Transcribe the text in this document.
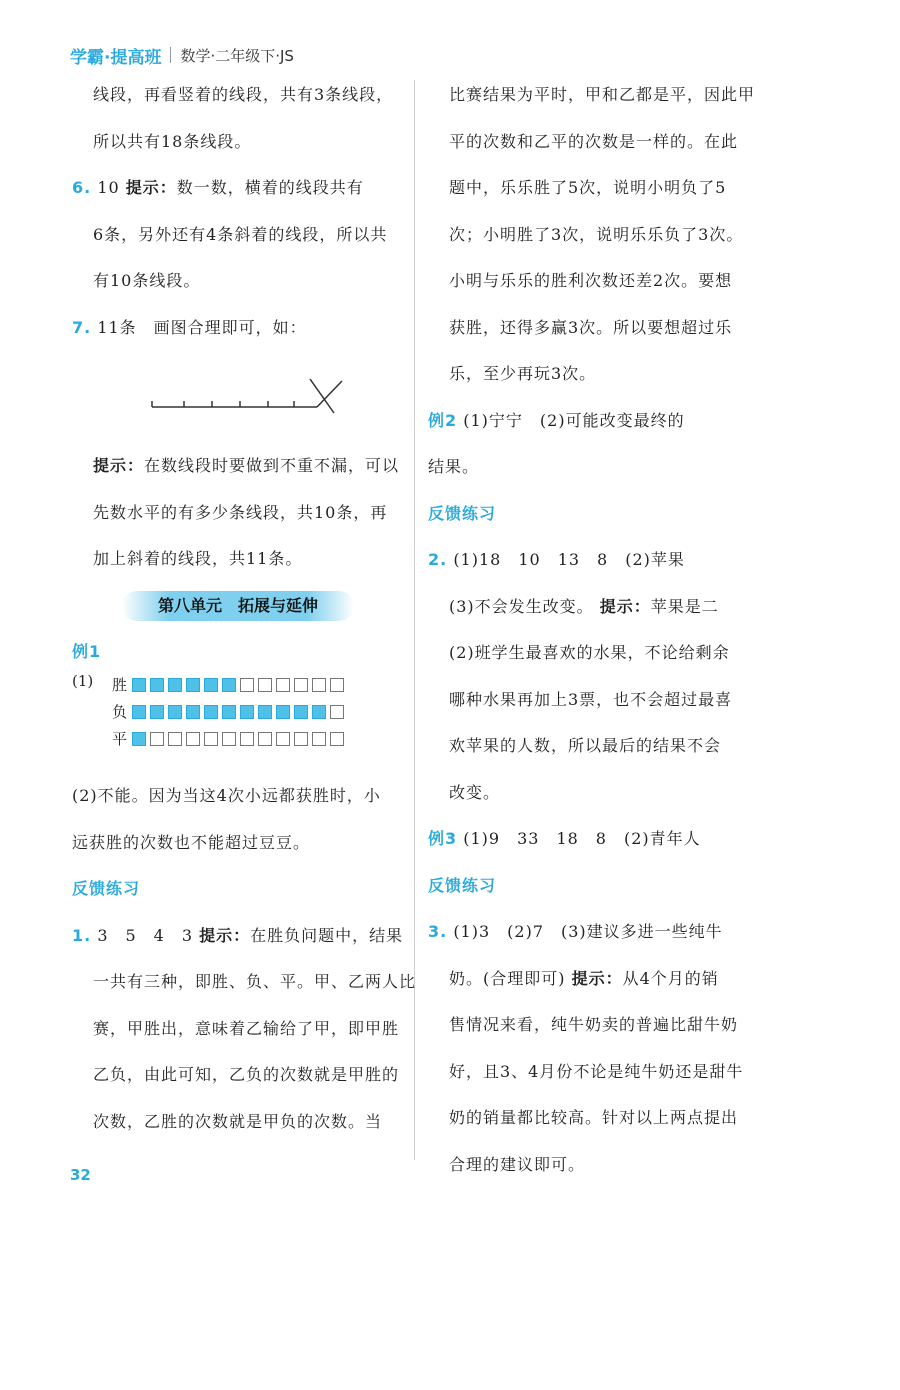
学霸·提高班 数学·二年级下·JS
线段，再看竖着的线段，共有3条线段，
所以共有18条线段。
6. 10 提示：数一数，横着的线段共有
6条，另外还有4条斜着的线段，所以共
有10条线段。
7. 11条　画图合理即可，如：
提示：在数线段时要做到不重不漏，可以
先数水平的有多少条线段，共10条，再
加上斜着的线段，共11条。
第八单元　拓展与延伸
例1
(1) 胜
负
平
(2)不能。因为当这4次小远都获胜时，小
远获胜的次数也不能超过豆豆。
反馈练习
1. 3　5　4　3 提示：在胜负问题中，结果
一共有三种，即胜、负、平。甲、乙两人比
赛，甲胜出，意味着乙输给了甲，即甲胜
乙负，由此可知，乙负的次数就是甲胜的
次数，乙胜的次数就是甲负的次数。当
比赛结果为平时，甲和乙都是平，因此甲
平的次数和乙平的次数是一样的。在此
题中，乐乐胜了5次，说明小明负了5
次；小明胜了3次，说明乐乐负了3次。
小明与乐乐的胜利次数还差2次。要想
获胜，还得多赢3次。所以要想超过乐
乐，至少再玩3次。
例2 (1)宁宁　(2)可能改变最终的
结果。
反馈练习
2. (1)18　10　13　8　(2)苹果
(3)不会发生改变。 提示：苹果是二
(2)班学生最喜欢的水果，不论给剩余
哪种水果再加上3票，也不会超过最喜
欢苹果的人数，所以最后的结果不会
改变。
例3 (1)9　33　18　8　(2)青年人
反馈练习
3. (1)3　(2)7　(3)建议多进一些纯牛
奶。(合理即可) 提示：从4个月的销
售情况来看，纯牛奶卖的普遍比甜牛奶
好，且3、4月份不论是纯牛奶还是甜牛
奶的销量都比较高。针对以上两点提出
合理的建议即可。
32
